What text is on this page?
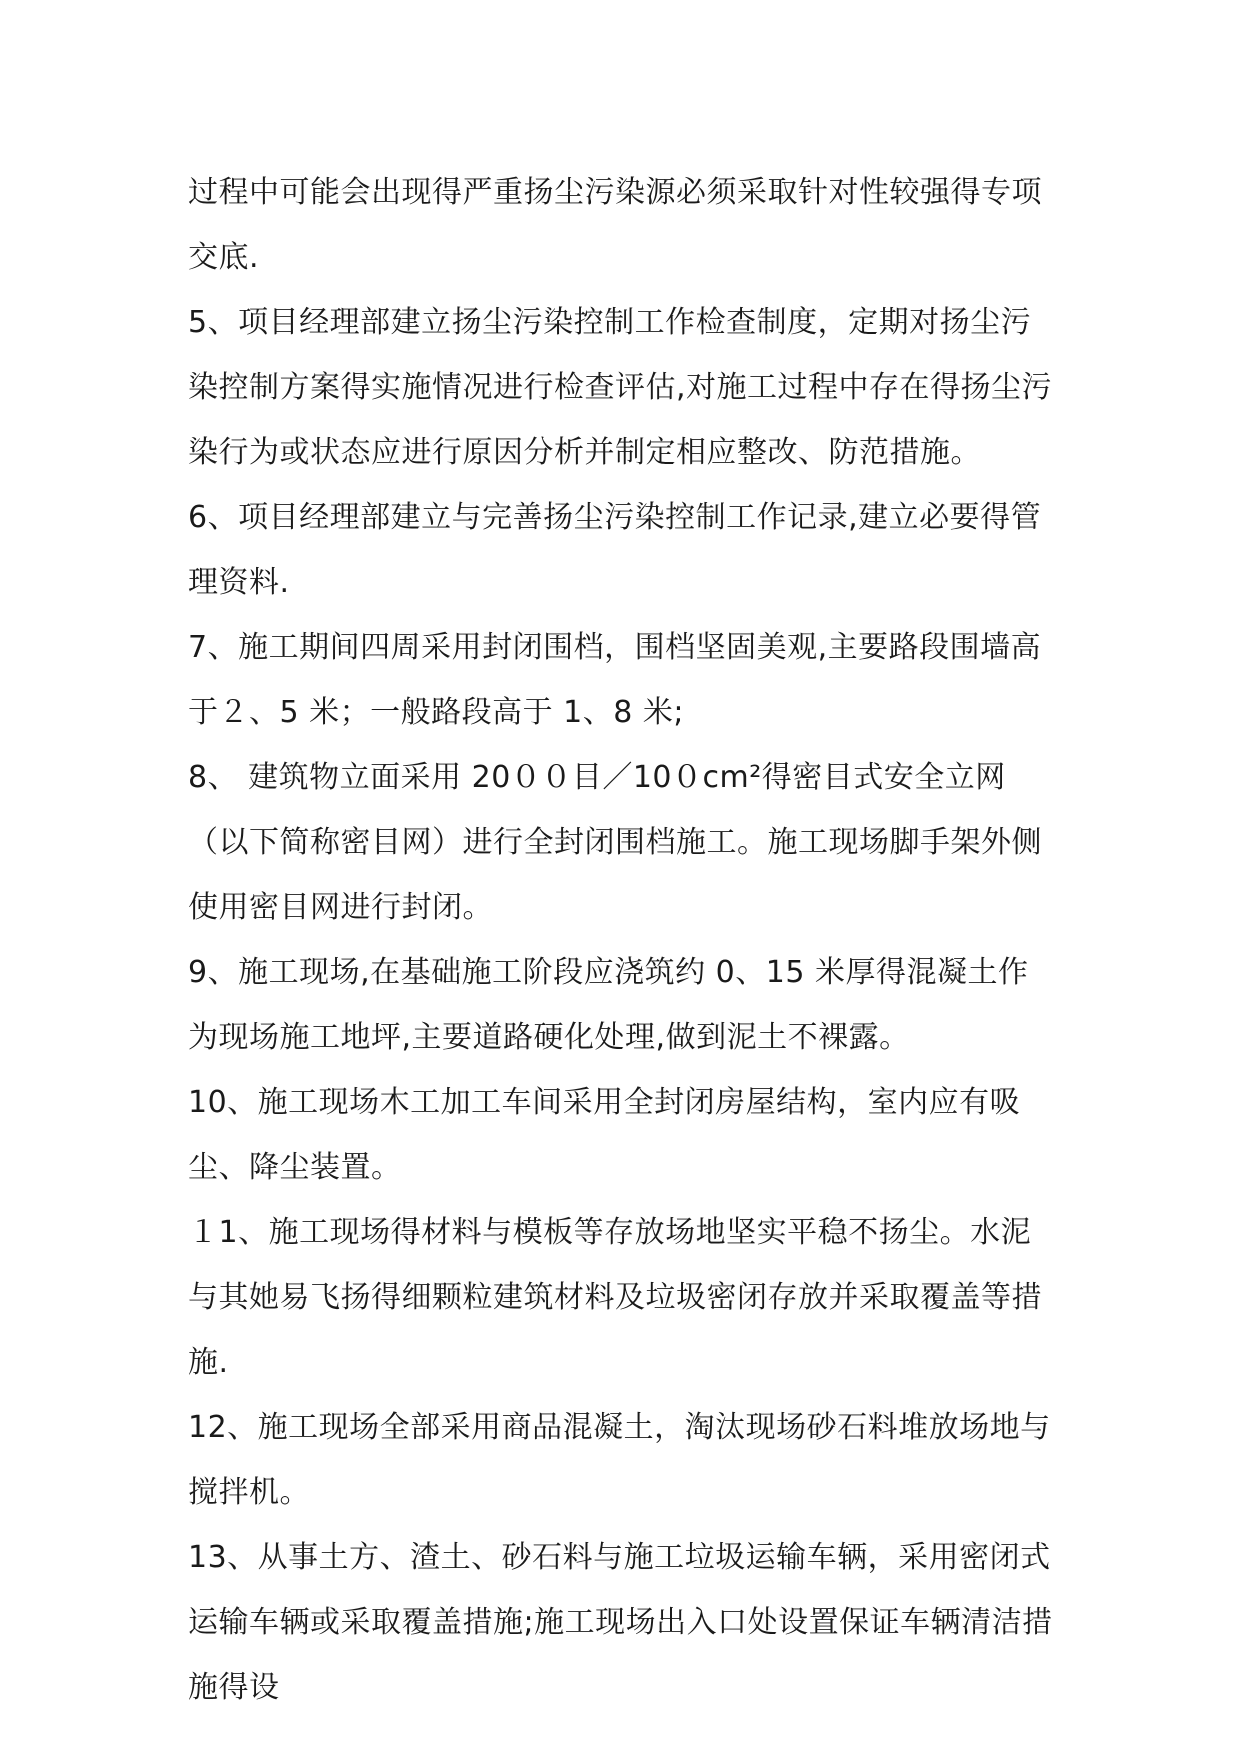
过程中可能会出现得严重扬尘污染源必须采取针对性较强得专项交底.

5、项目经理部建立扬尘污染控制工作检查制度，定期对扬尘污染控制方案得实施情况进行检查评估,对施工过程中存在得扬尘污染行为或状态应进行原因分析并制定相应整改、防范措施。

6、项目经理部建立与完善扬尘污染控制工作记录,建立必要得管理资料.

7、施工期间四周采用封闭围档，围档坚固美观,主要路段围墙高于２、5 米；一般路段高于 1、8 米;

8、 建筑物立面采用 20００目／10０cm²得密目式安全立网（以下简称密目网）进行全封闭围档施工。施工现场脚手架外侧使用密目网进行封闭。

9、施工现场,在基础施工阶段应浇筑约 0、15 米厚得混凝土作为现场施工地坪,主要道路硬化处理,做到泥土不裸露。

10、施工现场木工加工车间采用全封闭房屋结构，室内应有吸尘、降尘装置。

１1、施工现场得材料与模板等存放场地坚实平稳不扬尘。水泥与其她易飞扬得细颗粒建筑材料及垃圾密闭存放并采取覆盖等措施.

12、施工现场全部采用商品混凝土，淘汰现场砂石料堆放场地与搅拌机。

13、从事土方、渣土、砂石料与施工垃圾运输车辆，采用密闭式运输车辆或采取覆盖措施;施工现场出入口处设置保证车辆清洁措施得设
